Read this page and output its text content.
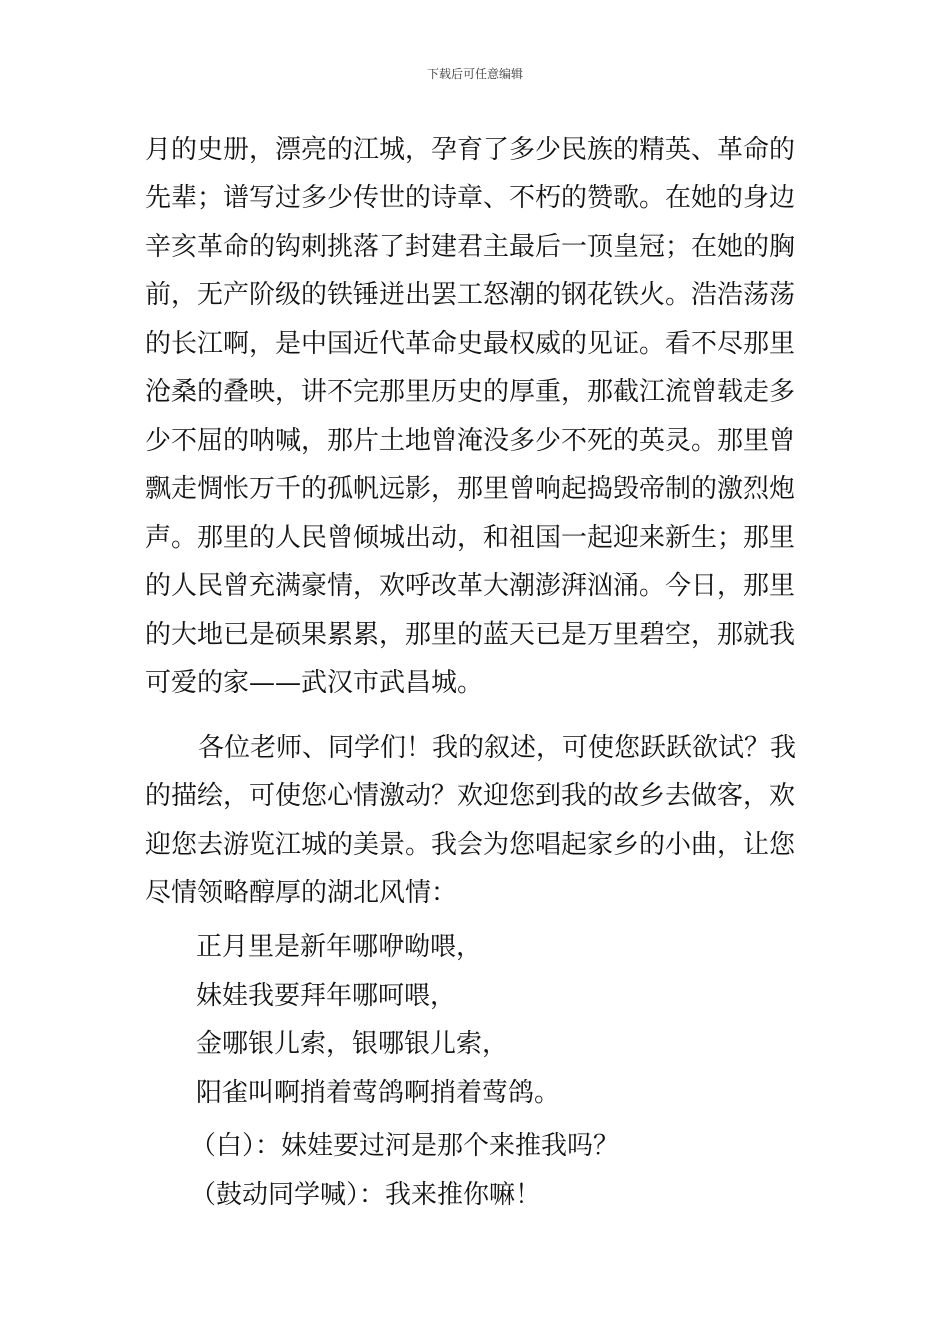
下载后可任意编辑
月的史册，漂亮的江城，孕育了多少民族的精英、革命的
先辈；谱写过多少传世的诗章、不朽的赞歌。在她的身边
辛亥革命的钩刺挑落了封建君主最后一顶皇冠；在她的胸
前，无产阶级的铁锤迸出罢工怒潮的钢花铁火。浩浩荡荡
的长江啊，是中国近代革命史最权威的见证。看不尽那里
沧桑的叠映，讲不完那里历史的厚重，那截江流曾载走多
少不屈的呐喊，那片土地曾淹没多少不死的英灵。那里曾
飘走惆怅万千的孤帆远影，那里曾响起捣毁帝制的激烈炮
声。那里的人民曾倾城出动，和祖国一起迎来新生；那里
的人民曾充满豪情，欢呼改革大潮澎湃汹涌。今日，那里
的大地已是硕果累累，那里的蓝天已是万里碧空，那就我
可爱的家——武汉市武昌城。
各位老师、同学们！我的叙述，可使您跃跃欲试？我
的描绘，可使您心情激动？欢迎您到我的故乡去做客，欢
迎您去游览江城的美景。我会为您唱起家乡的小曲，让您
尽情领略醇厚的湖北风情：
正月里是新年哪咿呦喂，
妹娃我要拜年哪呵喂，
金哪银儿索，银哪银儿索，
阳雀叫啊捎着莺鸽啊捎着莺鸽。
（白）：妹娃要过河是那个来推我吗？
（鼓动同学喊）：我来推你嘛！
